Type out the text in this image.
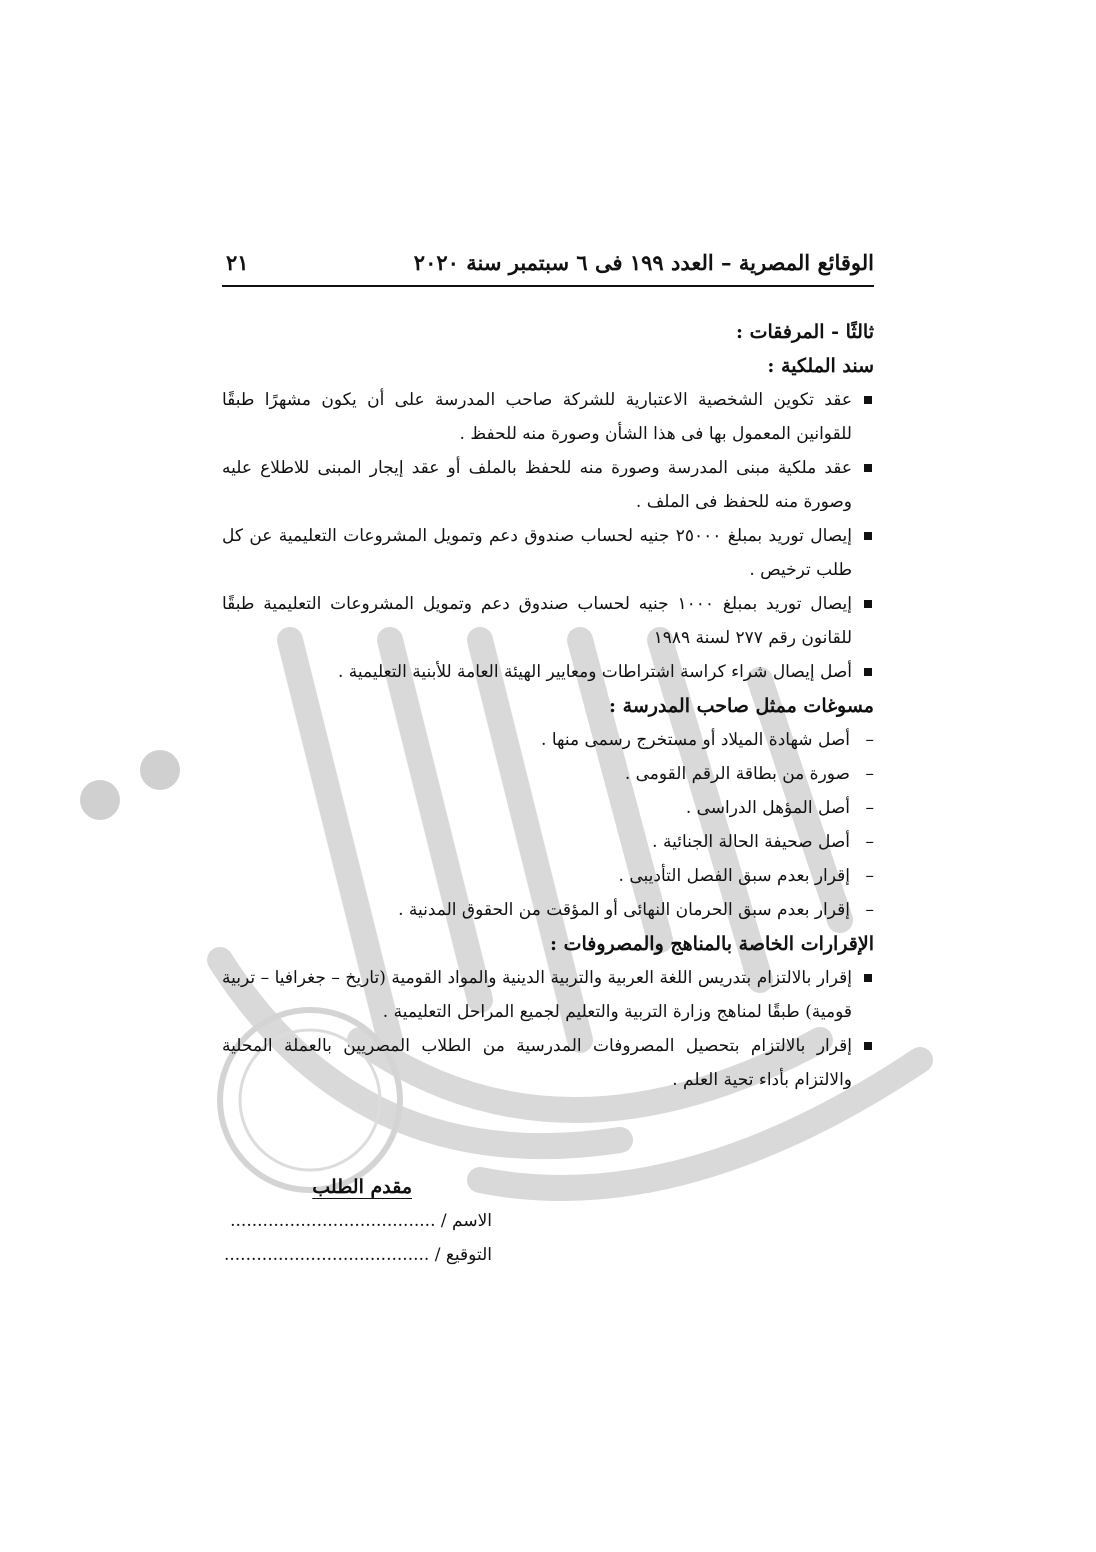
الوقائع المصرية – العدد ١٩٩ فى ٦ سبتمبر سنة ٢٠٢٠
٢١
ثالثًا - المرفقات :
سند الملكية :
عقد تكوين الشخصية الاعتبارية للشركة صاحب المدرسة على أن يكون مشهرًا طبقًا للقوانين المعمول بها فى هذا الشأن وصورة منه للحفظ .
عقد ملكية مبنى المدرسة وصورة منه للحفظ بالملف أو عقد إيجار المبنى للاطلاع عليه وصورة منه للحفظ فى الملف .
إيصال توريد بمبلغ ٢٥٠٠٠ جنيه لحساب صندوق دعم وتمويل المشروعات التعليمية عن كل طلب ترخيص .
إيصال توريد بمبلغ ١٠٠٠ جنيه لحساب صندوق دعم وتمويل المشروعات التعليمية طبقًا للقانون رقم ٢٧٧ لسنة ١٩٨٩
أصل إيصال شراء كراسة اشتراطات ومعايير الهيئة العامة للأبنية التعليمية .
مسوغات ممثل صاحب المدرسة :
–
أصل شهادة الميلاد أو مستخرج رسمى منها .
–
صورة من بطاقة الرقم القومى .
–
أصل المؤهل الدراسى .
–
أصل صحيفة الحالة الجنائية .
–
إقرار بعدم سبق الفصل التأديبى .
–
إقرار بعدم سبق الحرمان النهائى أو المؤقت من الحقوق المدنية .
الإقرارات الخاصة بالمناهج والمصروفات :
إقرار بالالتزام بتدريس اللغة العربية والتربية الدينية والمواد القومية (تاريخ – جغرافيا – تربية قومية) طبقًا لمناهج وزارة التربية والتعليم لجميع المراحل التعليمية .
إقرار بالالتزام بتحصيل المصروفات المدرسية من الطلاب المصريين بالعملة المحلية والالتزام بأداء تحية العلم .
مقدم الطلب
الاسم / ......................................
التوقيع / ......................................
